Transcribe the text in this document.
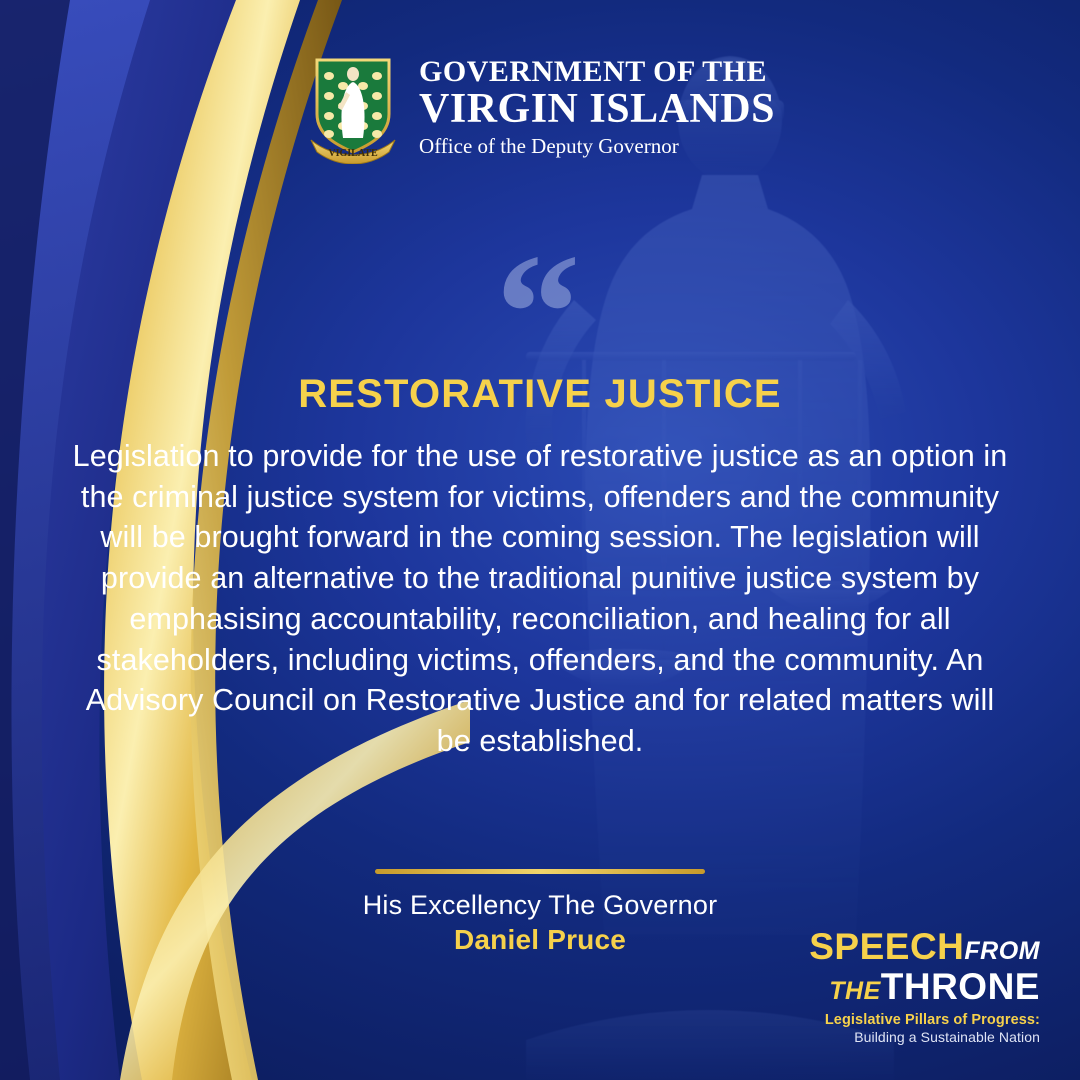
VIGILATE
GOVERNMENT OF THE
VIRGIN ISLANDS
Office of the Deputy Governor
“
RESTORATIVE JUSTICE
Legislation to provide for the use of restorative justice as an option in the criminal justice system for victims, offenders and the community will be brought forward in the coming session. The legislation will provide an alternative to the traditional punitive justice system by emphasising accountability, reconciliation, and healing for all stakeholders, including victims, offenders, and the community. An Advisory Council on Restorative Justice and for related matters will be established.
His Excellency The Governor
Daniel Pruce	SPEECHFROM
THETHRONE
Legislative Pillars of Progress:
Building a Sustainable Nation
